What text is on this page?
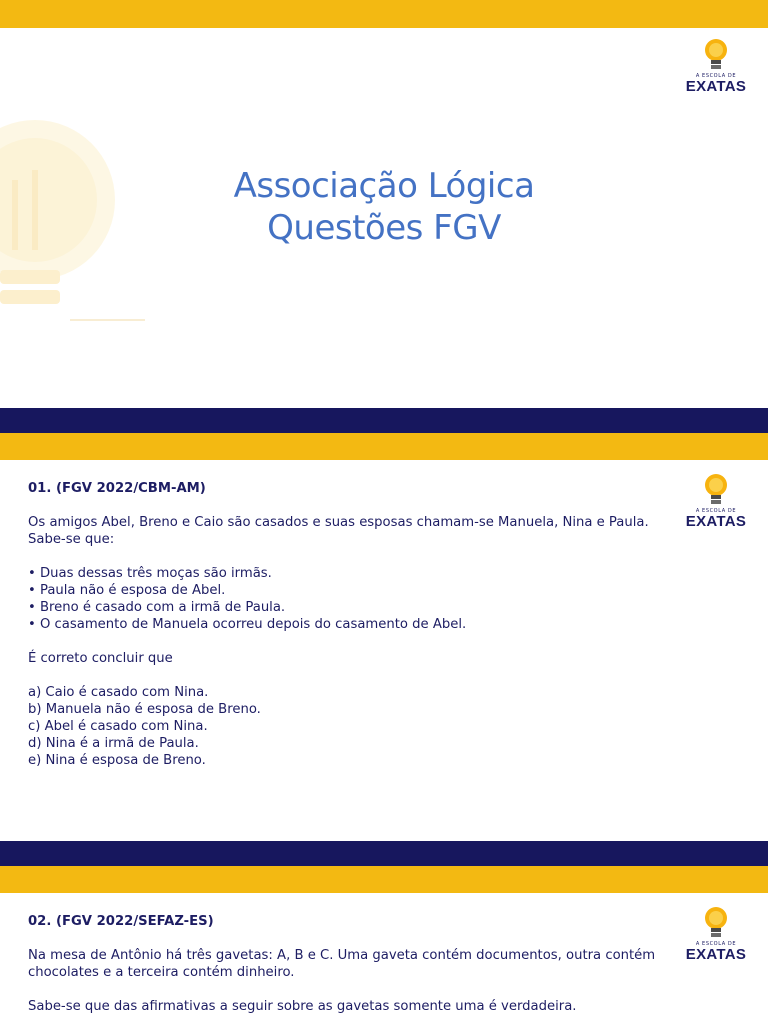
A ESCOLA DE
EXATAS
Associação Lógica
Questões FGV
A ESCOLA DE
EXATAS

01. (FGV 2022/CBM-AM)

Os amigos Abel, Breno e Caio são casados e suas esposas chamam-se Manuela, Nina e Paula. Sabe-se que:

• Duas dessas três moças são irmãs.
• Paula não é esposa de Abel.
• Breno é casado com a irmã de Paula.
• O casamento de Manuela ocorreu depois do casamento de Abel.

É correto concluir que

a) Caio é casado com Nina.
b) Manuela não é esposa de Breno.
c) Abel é casado com Nina.
d) Nina é a irmã de Paula.
e) Nina é esposa de Breno.
A ESCOLA DE
EXATAS

02. (FGV 2022/SEFAZ-ES)

Na mesa de Antônio há três gavetas: A, B e C. Uma gaveta contém documentos, outra contém chocolates e a terceira contém dinheiro.

Sabe-se que das afirmativas a seguir sobre as gavetas somente uma é verdadeira.
